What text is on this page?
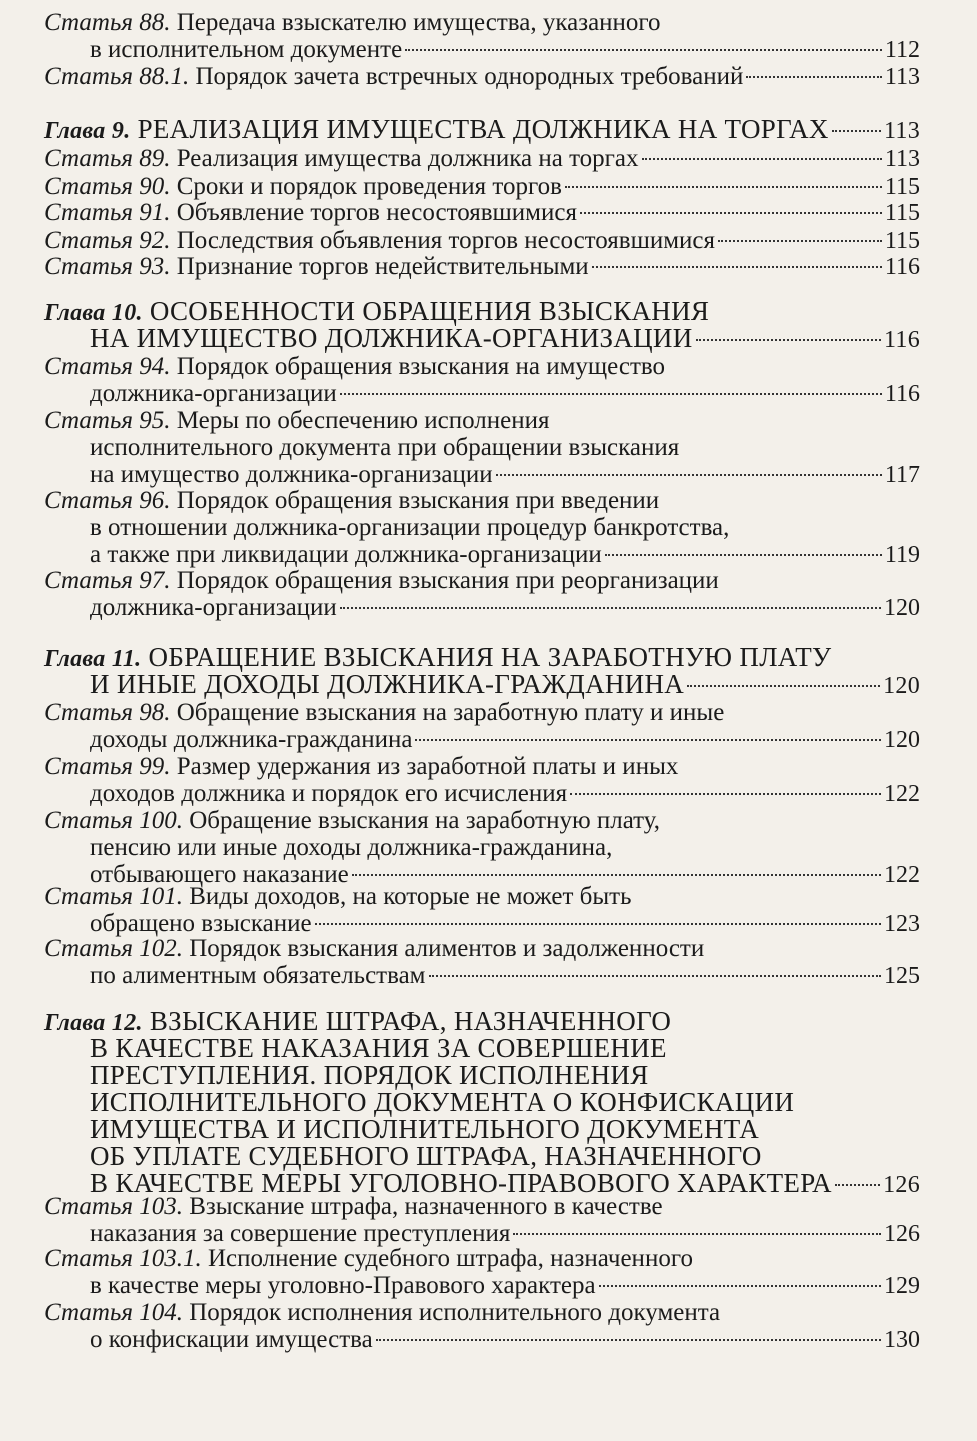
Статья 88. Передача взыскателю имущества, указанного
в исполнительном документе	112
Статья 88.1. Порядок зачета встречных однородных требований	113
Глава 9. РЕАЛИЗАЦИЯ ИМУЩЕСТВА ДОЛЖНИКА НА ТОРГАХ 113
Статья 89. Реализация имущества должника на торгах	113
Статья 90. Сроки и порядок проведения торгов	115
Статья 91. Объявление торгов несостоявшимися	115
Статья 92. Последствия объявления торгов несостоявшимися	115
Статья 93. Признание торгов недействительными	116
Глава 10. ОСОБЕННОСТИ ОБРАЩЕНИЯ ВЗЫСКАНИЯ
НА ИМУЩЕСТВО ДОЛЖНИКА-ОРГАНИЗАЦИИ	116
Статья 94. Порядок обращения взыскания на имущество
должника-организации	116
Статья 95. Меры по обеспечению исполнения
исполнительного документа при обращении взыскания
на имущество должника-организации	117
Статья 96. Порядок обращения взыскания при введении
в отношении должника-организации процедур банкротства,
а также при ликвидации должника-организации	119
Статья 97. Порядок обращения взыскания при реорганизации
должника-организации	120
Глава 11. ОБРАЩЕНИЕ ВЗЫСКАНИЯ НА ЗАРАБОТНУЮ ПЛАТУ
И ИНЫЕ ДОХОДЫ ДОЛЖНИКА-ГРАЖДАНИНА	120
Статья 98. Обращение взыскания на заработную плату и иные
доходы должника-гражданина	120
Статья 99. Размер удержания из заработной платы и иных
доходов должника и порядок его исчисления	122
Статья 100. Обращение взыскания на заработную плату,
пенсию или иные доходы должника-гражданина,
отбывающего наказание	122
Статья 101. Виды доходов, на которые не может быть
обращено взыскание	123
Статья 102. Порядок взыскания алиментов и задолженности
по алиментным обязательствам	125
Глава 12. ВЗЫСКАНИЕ ШТРАФА, НАЗНАЧЕННОГО
В КАЧЕСТВЕ НАКАЗАНИЯ ЗА СОВЕРШЕНИЕ
ПРЕСТУПЛЕНИЯ. ПОРЯДОК ИСПОЛНЕНИЯ
ИСПОЛНИТЕЛЬНОГО ДОКУМЕНТА О КОНФИСКАЦИИ
ИМУЩЕСТВА И ИСПОЛНИТЕЛЬНОГО ДОКУМЕНТА
ОБ УПЛАТЕ СУДЕБНОГО ШТРАФА, НАЗНАЧЕННОГО
В КАЧЕСТВЕ МЕРЫ УГОЛОВНО-ПРАВОВОГО ХАРАКТЕРА 126
Статья 103. Взыскание штрафа, назначенного в качестве
наказания за совершение преступления	126
Статья 103.1. Исполнение судебного штрафа, назначенного
в качестве меры уголовно-Правового характера	129
Статья 104. Порядок исполнения исполнительного документа
о конфискации имущества	130
